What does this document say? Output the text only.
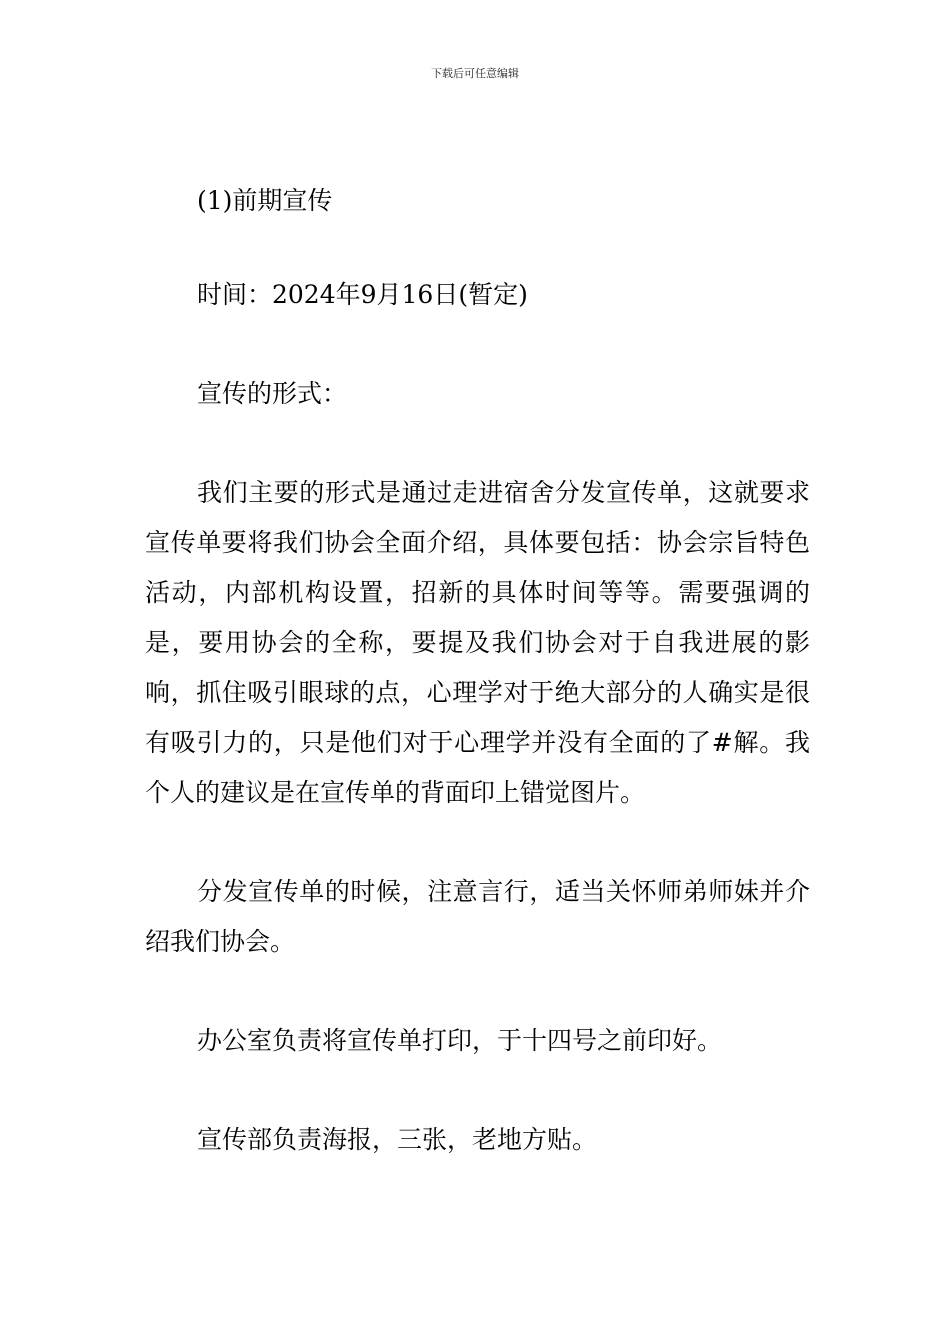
下载后可任意编辑

(1)前期宣传

时间：2024年9月16日(暂定)

宣传的形式：

我们主要的形式是通过走进宿舍分发宣传单，这就要求宣传单要将我们协会全面介绍，具体要包括：协会宗旨特色活动，内部机构设置，招新的具体时间等等。需要强调的是，要用协会的全称，要提及我们协会对于自我进展的影响，抓住吸引眼球的点，心理学对于绝大部分的人确实是很有吸引力的，只是他们对于心理学并没有全面的了#解。我个人的建议是在宣传单的背面印上错觉图片。

分发宣传单的时候，注意言行，适当关怀师弟师妹并介绍我们协会。

办公室负责将宣传单打印，于十四号之前印好。

宣传部负责海报，三张，老地方贴。
